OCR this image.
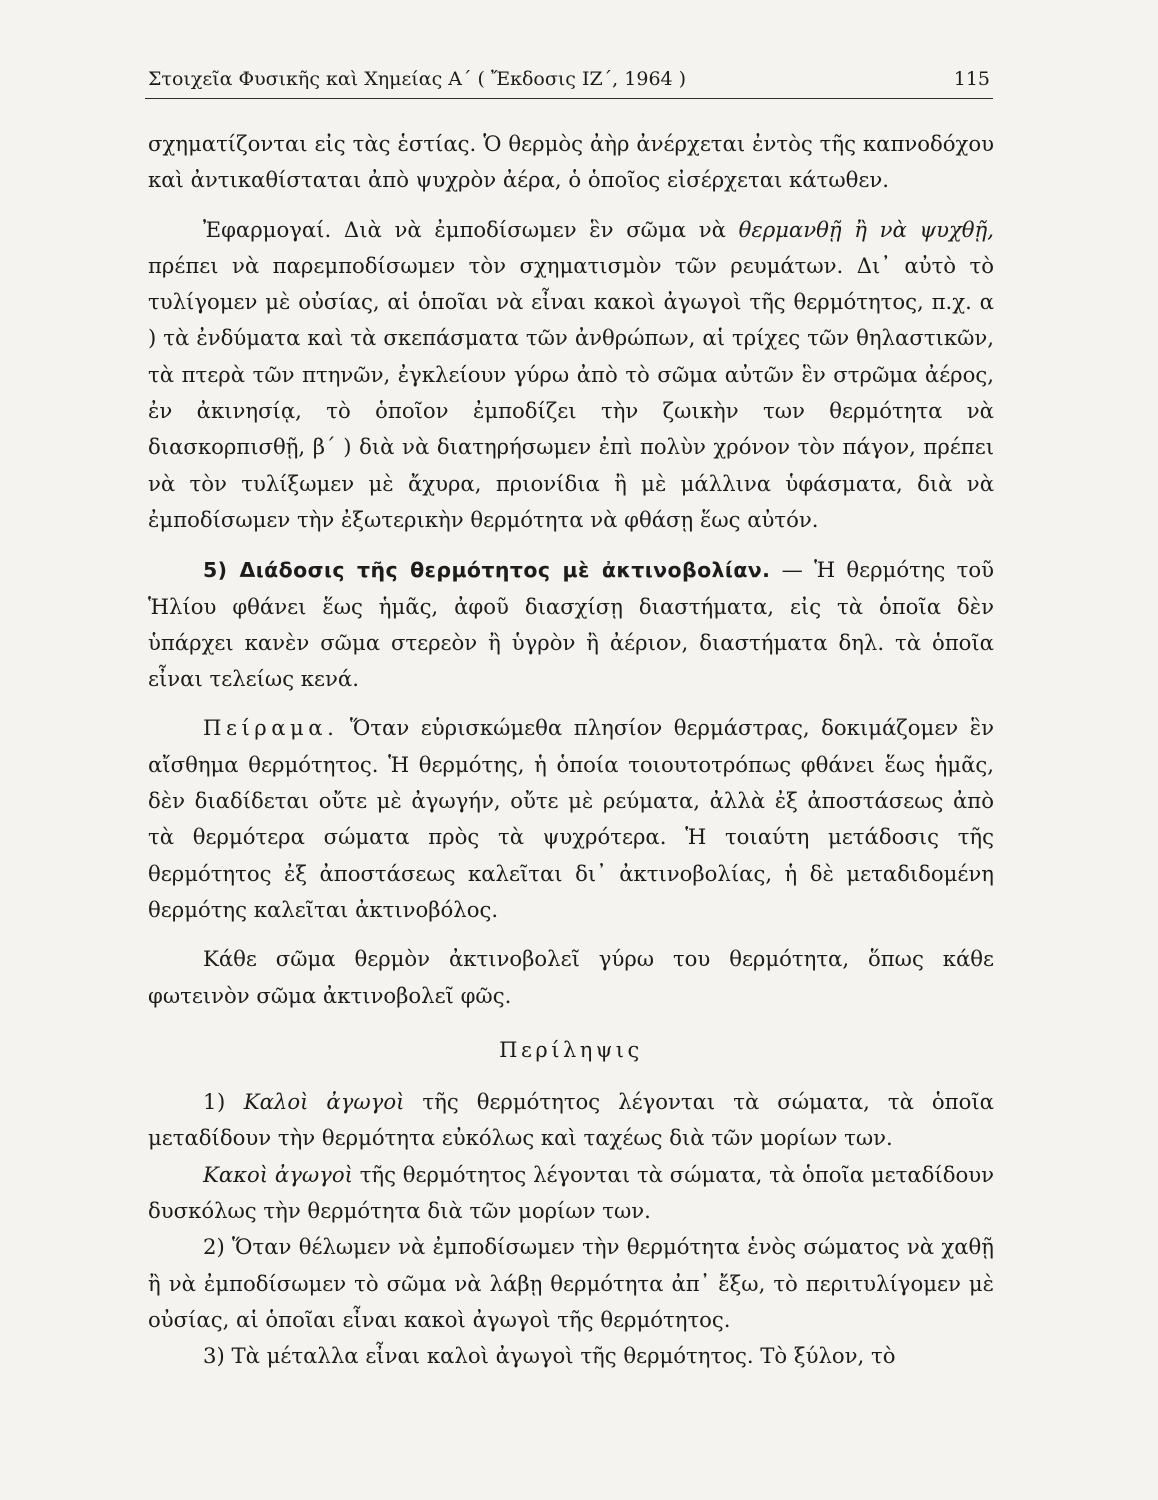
Στοιχεῖα Φυσικῆς καὶ Χημείας Α΄ ( Ἔκδοσις ΙΖ΄, 1964 )	115

σχηματίζονται εἰς τὰς ἑστίας. Ὁ θερμὸς ἀὴρ ἀνέρχεται ἐντὸς τῆς καπνοδόχου καὶ ἀντικαθίσταται ἀπὸ ψυχρὸν ἀέρα, ὁ ὁποῖος εἰσέρχεται κάτωθεν.

Ἐφαρμογαί. Διὰ νὰ ἐμποδίσωμεν ἓν σῶμα νὰ θερμανθῇ ἢ νὰ ψυχθῇ, πρέπει νὰ παρεμποδίσωμεν τὸν σχηματισμὸν τῶν ρευμάτων. Δι᾿ αὐτὸ τὸ τυλίγομεν μὲ οὐσίας, αἱ ὁποῖαι νὰ εἶναι κακοὶ ἀγωγοὶ τῆς θερμότητος, π.χ. α ) τὰ ἐνδύματα καὶ τὰ σκεπάσματα τῶν ἀνθρώπων, αἱ τρίχες τῶν θηλαστικῶν, τὰ πτερὰ τῶν πτηνῶν, ἐγκλείουν γύρω ἀπὸ τὸ σῶμα αὐτῶν ἓν στρῶμα ἀέρος, ἐν ἀκινησίᾳ, τὸ ὁποῖον ἐμποδίζει τὴν ζωικὴν των θερμότητα νὰ διασκορπισθῇ, β΄ ) διὰ νὰ διατηρήσωμεν ἐπὶ πολὺν χρόνον τὸν πάγον, πρέπει νὰ τὸν τυλίξωμεν μὲ ἄχυρα, πριονίδια ἢ μὲ μάλλινα ὑφάσματα, διὰ νὰ ἐμποδίσωμεν τὴν ἐξωτερικὴν θερμότητα νὰ φθάσῃ ἕως αὐτόν.

5) Διάδοσις τῆς θερμότητος μὲ ἀκτινοβολίαν. — Ἡ θερμότης τοῦ Ἡλίου φθάνει ἕως ἡμᾶς, ἀφοῦ διασχίσῃ διαστήματα, εἰς τὰ ὁποῖα δὲν ὑπάρχει κανὲν σῶμα στερεὸν ἢ ὑγρὸν ἢ ἀέριον, διαστήματα δηλ. τὰ ὁποῖα εἶναι τελείως κενά.

Πείραμα. Ὅταν εὑρισκώμεθα πλησίον θερμάστρας, δοκιμάζομεν ἓν αἴσθημα θερμότητος. Ἡ θερμότης, ἡ ὁποία τοιουτοτρόπως φθάνει ἕως ἡμᾶς, δὲν διαδίδεται οὔτε μὲ ἀγωγήν, οὔτε μὲ ρεύματα, ἀλλὰ ἐξ ἀποστάσεως ἀπὸ τὰ θερμότερα σώματα πρὸς τὰ ψυχρότερα. Ἡ τοιαύτη μετάδοσις τῆς θερμότητος ἐξ ἀποστάσεως καλεῖται δι᾿ ἀκτινοβολίας, ἡ δὲ μεταδιδομένη θερμότης καλεῖται ἀκτινοβόλος.

Κάθε σῶμα θερμὸν ἀκτινοβολεῖ γύρω του θερμότητα, ὅπως κάθε φωτεινὸν σῶμα ἀκτινοβολεῖ φῶς.

Περίληψις

1) Καλοὶ ἀγωγοὶ τῆς θερμότητος λέγονται τὰ σώματα, τὰ ὁποῖα μεταδίδουν τὴν θερμότητα εὐκόλως καὶ ταχέως διὰ τῶν μορίων των.

Κακοὶ ἀγωγοὶ τῆς θερμότητος λέγονται τὰ σώματα, τὰ ὁποῖα μεταδίδουν δυσκόλως τὴν θερμότητα διὰ τῶν μορίων των.

2) Ὅταν θέλωμεν νὰ ἐμποδίσωμεν τὴν θερμότητα ἑνὸς σώματος νὰ χαθῇ ἢ νὰ ἐμποδίσωμεν τὸ σῶμα νὰ λάβῃ θερμότητα ἀπ᾿ ἔξω, τὸ περιτυλίγομεν μὲ οὐσίας, αἱ ὁποῖαι εἶναι κακοὶ ἀγωγοὶ τῆς θερμότητος.

3) Τὰ μέταλλα εἶναι καλοὶ ἀγωγοὶ τῆς θερμότητος. Τὸ ξύλον, τὸ
